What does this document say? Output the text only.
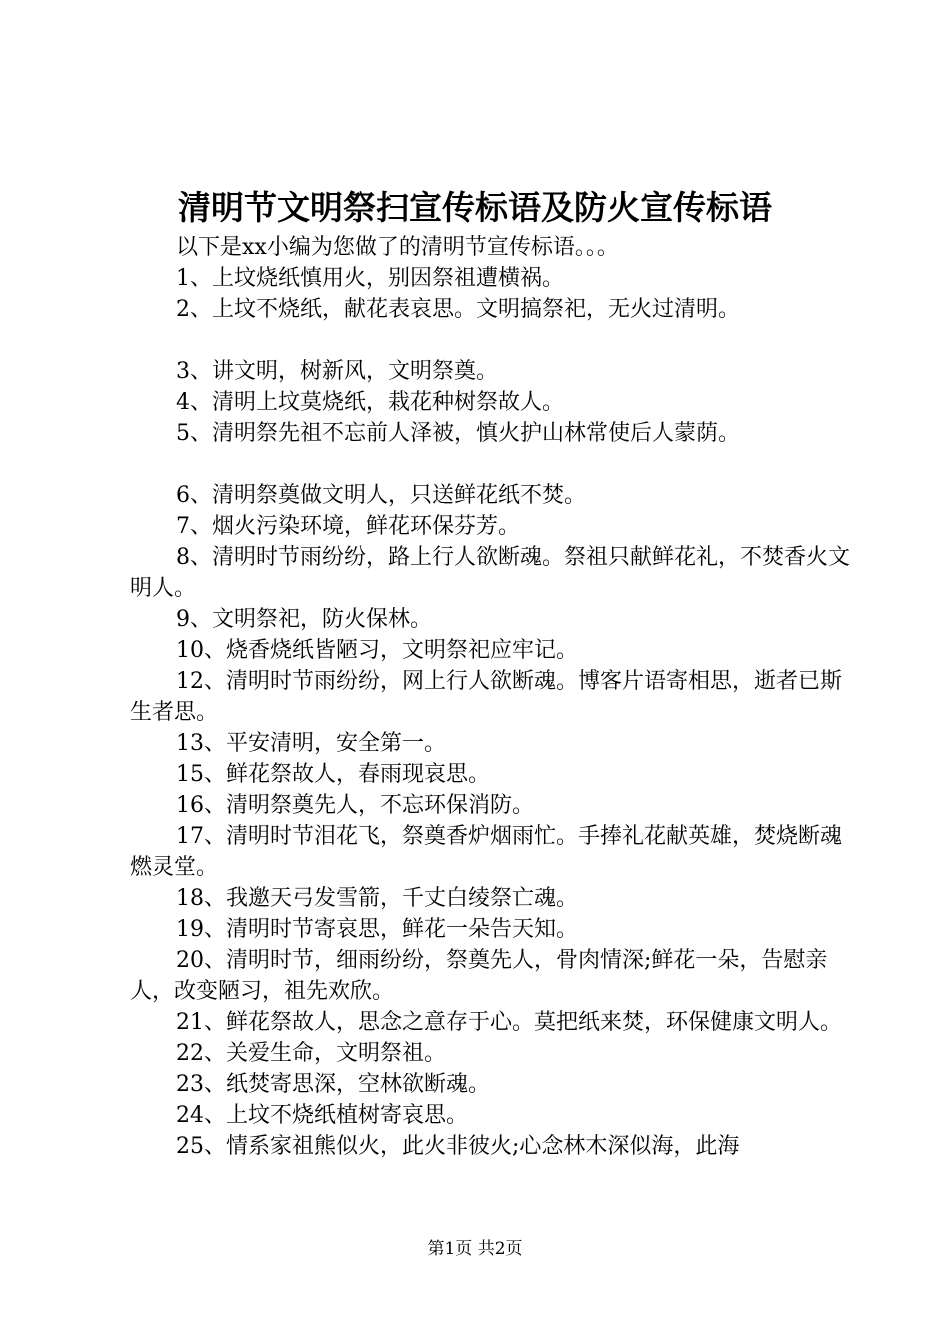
清明节文明祭扫宣传标语及防火宣传标语

以下是xx小编为您做了的清明节宣传标语。。。

1、上坟烧纸慎用火，别因祭祖遭横祸。

2、上坟不烧纸，献花表哀思。文明搞祭祀，无火过清明。

3、讲文明，树新风，文明祭奠。

4、清明上坟莫烧纸，栽花种树祭故人。

5、清明祭先祖不忘前人泽被，慎火护山林常使后人蒙荫。

6、清明祭奠做文明人，只送鲜花纸不焚。

7、烟火污染环境，鲜花环保芬芳。

8、清明时节雨纷纷，路上行人欲断魂。祭祖只献鲜花礼，不焚香火文明人。

9、文明祭祀，防火保林。

10、烧香烧纸皆陋习，文明祭祀应牢记。

12、清明时节雨纷纷，网上行人欲断魂。博客片语寄相思，逝者已斯生者思。

13、平安清明，安全第一。

15、鲜花祭故人，春雨现哀思。

16、清明祭奠先人，不忘环保消防。

17、清明时节泪花飞，祭奠香炉烟雨忙。手捧礼花献英雄，焚烧断魂燃灵堂。

18、我邀天弓发雪箭，千丈白绫祭亡魂。

19、清明时节寄哀思，鲜花一朵告天知。

20、清明时节，细雨纷纷，祭奠先人，骨肉情深;鲜花一朵，告慰亲人，改变陋习，祖先欢欣。

21、鲜花祭故人，思念之意存于心。莫把纸来焚，环保健康文明人。

22、关爱生命，文明祭祖。

23、纸焚寄思深，空林欲断魂。

24、上坟不烧纸植树寄哀思。

25、情系家祖熊似火，此火非彼火;心念林木深似海，此海

第1页 共2页
